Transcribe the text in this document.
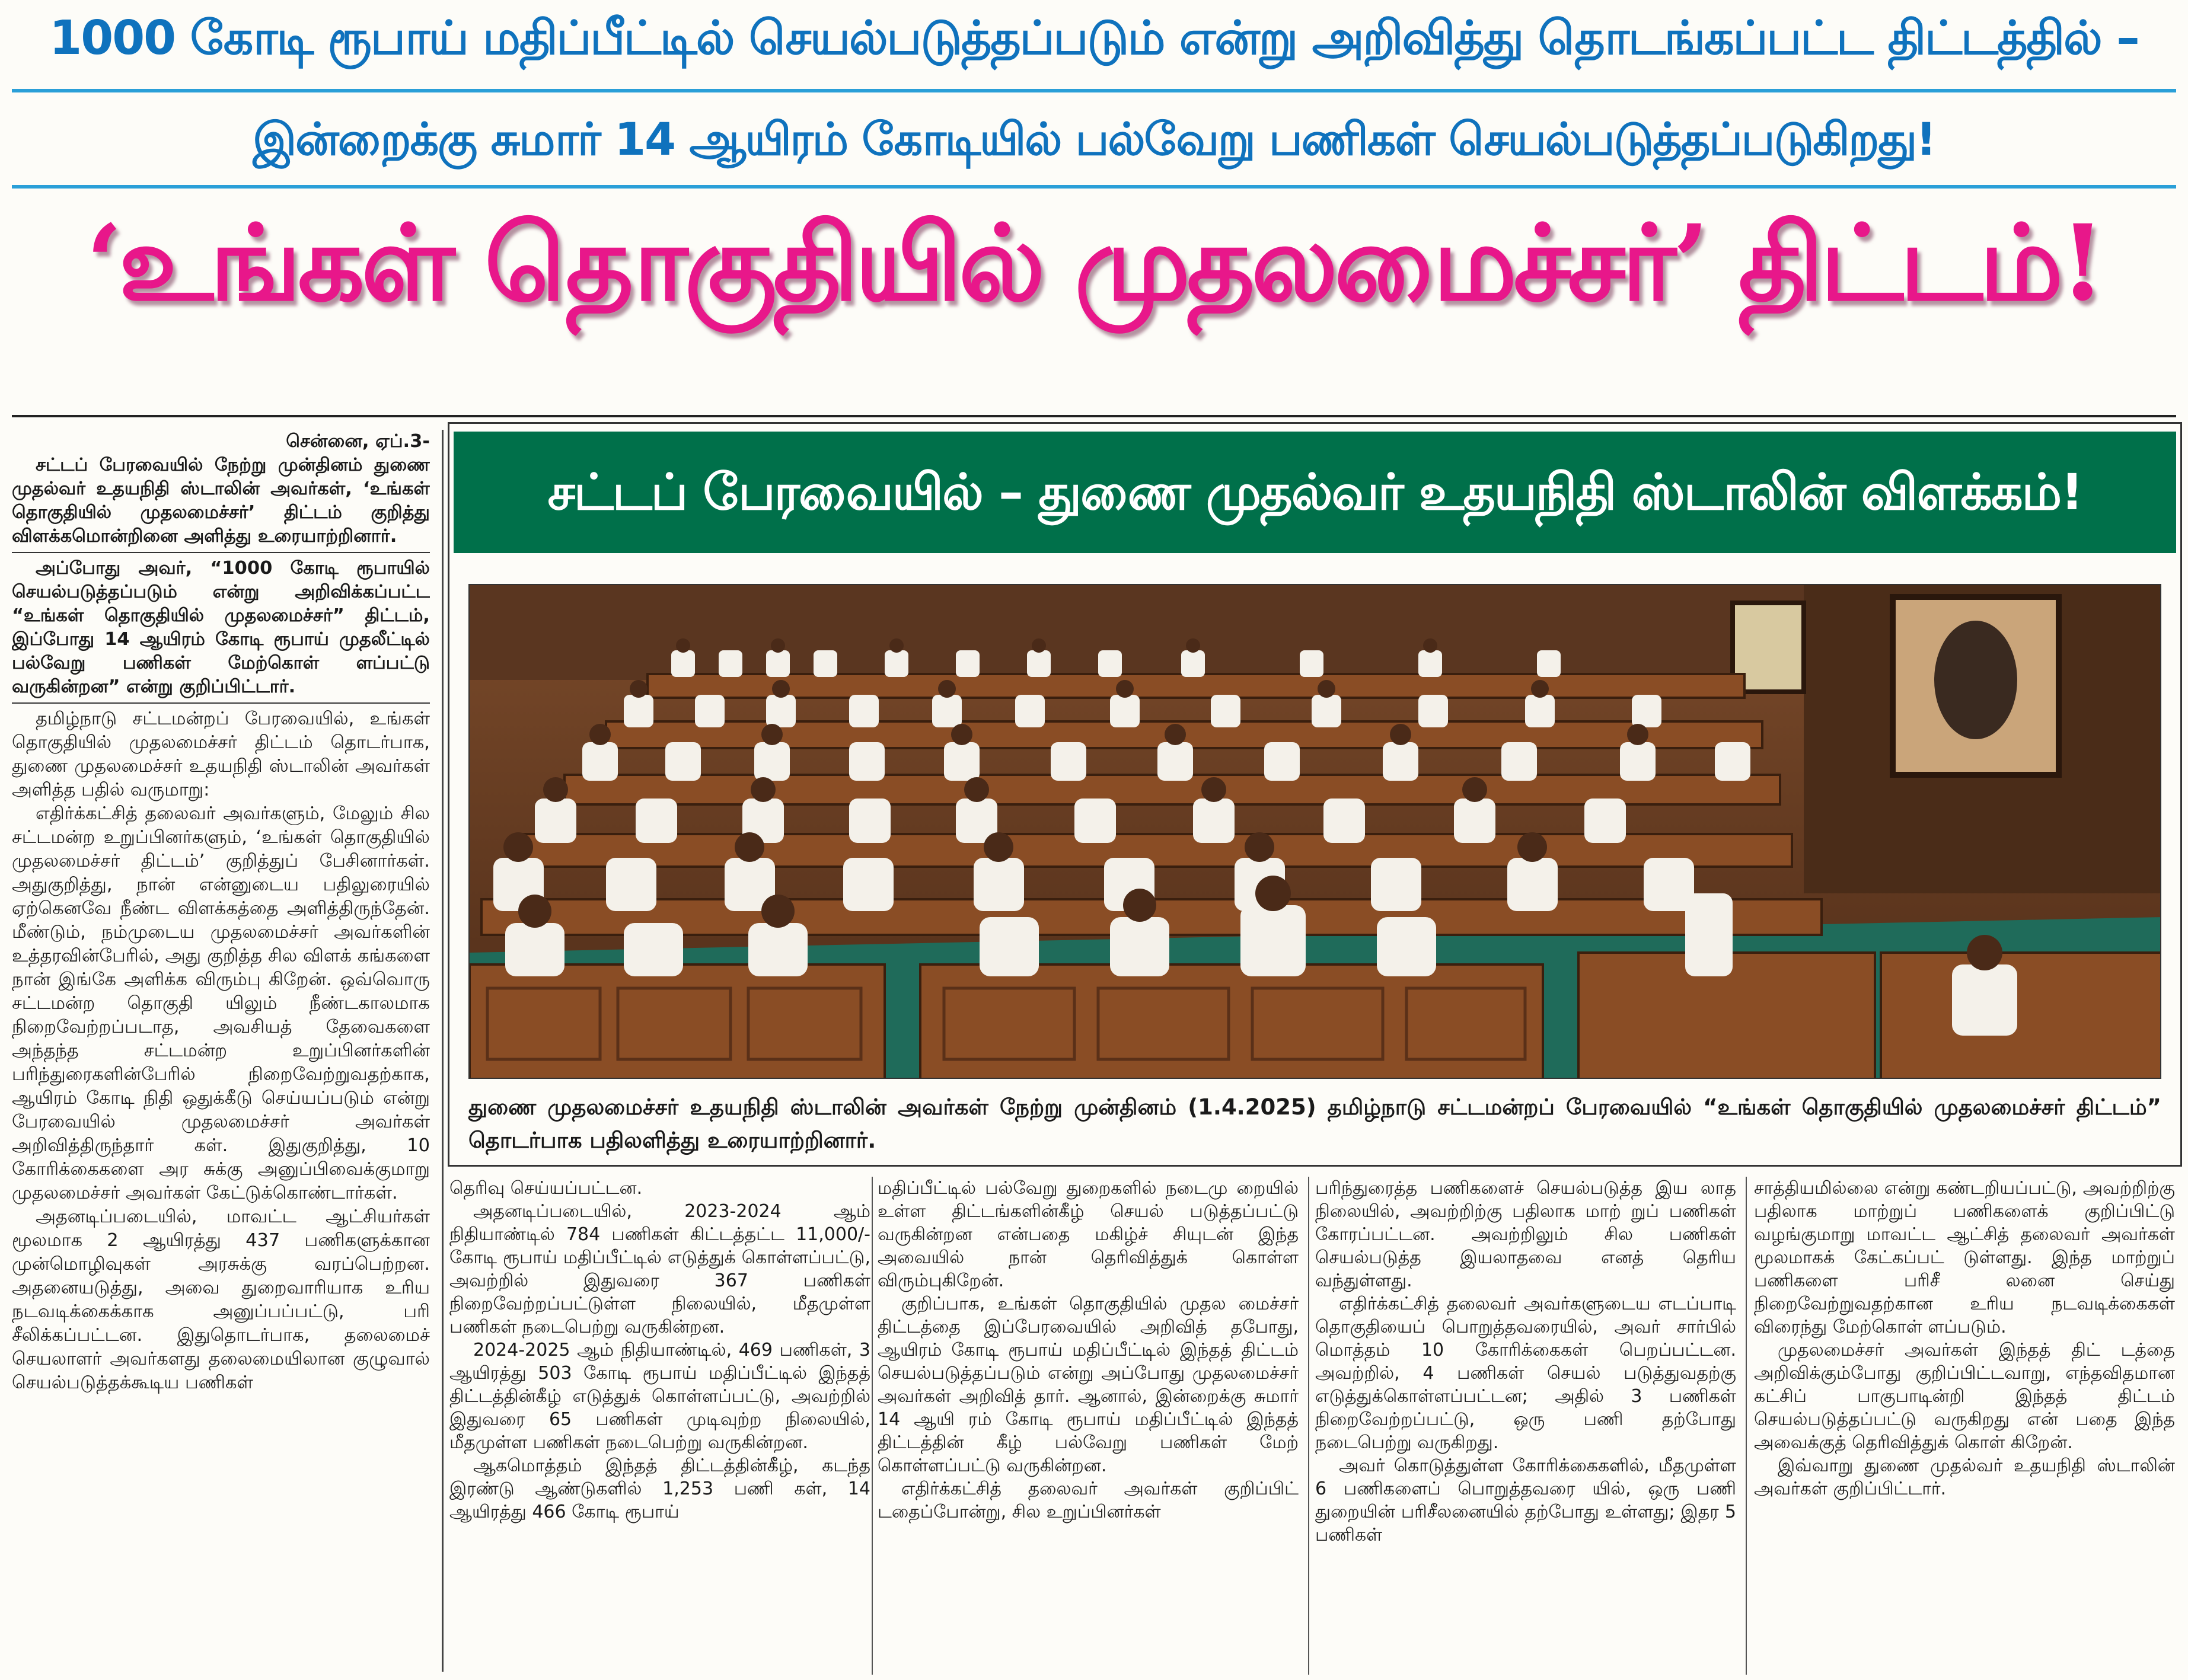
1000 கோடி ரூபாய் மதிப்பீட்டில் செயல்படுத்தப்படும் என்று அறிவித்து தொடங்கப்பட்ட திட்டத்தில் –
இன்றைக்கு சுமார் 14 ஆயிரம் கோடியில் பல்வேறு பணிகள் செயல்படுத்தப்படுகிறது!
‘உங்கள் தொகுதியில் முதலமைச்சர்’ திட்டம்!

சென்னை, ஏப்.3-

சட்டப் பேரவையில் நேற்று முன்தினம் துணை முதல்வர் உதயநிதி ஸ்டாலின் அவர்கள், ‘உங்கள் தொகுதியில் முதலமைச்சர்’ திட்டம் குறித்து விளக்கமொன்றினை அளித்து உரையாற்றினார்.

அப்போது அவர், “1000 கோடி ரூபாயில் செயல்படுத்தப்படும் என்று அறிவிக்கப்பட்ட “உங்கள் தொகுதியில் முதலமைச்சர்” திட்டம், இப்போது 14 ஆயிரம் கோடி ரூபாய் முதலீட்டில் பல்வேறு பணிகள் மேற்கொள் ளப்பட்டு வருகின்றன” என்று குறிப்பிட்டார்.

தமிழ்நாடு சட்டமன்றப் பேரவையில், உங்கள் தொகுதியில் முதலமைச்சர் திட்டம் தொடர்பாக, துணை முதலமைச்சர் உதயநிதி ஸ்டாலின் அவர்கள் அளித்த பதில் வருமாறு:

எதிர்க்கட்சித் தலைவர் அவர்களும், மேலும் சில சட்டமன்ற உறுப்பினர்களும், ‘உங்கள் தொகுதியில் முதலமைச்சர் திட்டம்’ குறித்துப் பேசினார்கள். அதுகுறித்து, நான் என்னுடைய பதிலுரையில் ஏற்கெனவே நீண்ட விளக்கத்தை அளித்திருந்தேன். மீண்டும், நம்முடைய முதலமைச்சர் அவர்களின் உத்தரவின்பேரில், அது குறித்த சில விளக் கங்களை நான் இங்கே அளிக்க விரும்பு கிறேன். ஒவ்வொரு சட்டமன்ற தொகுதி யிலும் நீண்டகாலமாக நிறைவேற்றப்படாத, அவசியத் தேவைகளை அந்தந்த சட்டமன்ற உறுப்பினர்களின் பரிந்துரைகளின்பேரில் நிறைவேற்றுவதற்காக, ஆயிரம் கோடி நிதி ஒதுக்கீடு செய்யப்படும் என்று பேரவையில் முதலமைச்சர் அவர்கள் அறிவித்திருந்தார் கள். இதுகுறித்து, 10 கோரிக்கைகளை அர சுக்கு அனுப்பிவைக்குமாறு முதலமைச்சர் அவர்கள் கேட்டுக்கொண்டார்கள்.

அதனடிப்படையில், மாவட்ட ஆட்சியர்கள் மூலமாக 2 ஆயிரத்து 437 பணிகளுக்கான முன்மொழிவுகள் அரசுக்கு வரப்பெற்றன. அதனையடுத்து, அவை துறைவாரியாக உரிய நடவடிக்கைக்காக அனுப்பப்பட்டு, பரி சீலிக்கப்பட்டன. இதுதொடர்பாக, தலைமைச் செயலாளர் அவர்களது தலைமையிலான குழுவால் செயல்படுத்தக்கூடிய பணிகள்

சட்டப் பேரவையில் – துணை முதல்வர் உதயநிதி ஸ்டாலின் விளக்கம்!
துணை முதலமைச்சர் உதயநிதி ஸ்டாலின் அவர்கள் நேற்று முன்தினம் (1.4.2025) தமிழ்நாடு சட்டமன்றப் பேரவையில் “உங்கள் தொகுதியில் முதலமைச்சர் திட்டம்” தொடர்பாக பதிலளித்து உரையாற்றினார்.

தெரிவு செய்யப்பட்டன.

அதனடிப்படையில், 2023-2024 ஆம் நிதியாண்டில் 784 பணிகள் கிட்டத்தட்ட 11,000/- கோடி ரூபாய் மதிப்பீட்டில் எடுத்துக் கொள்ளப்பட்டு, அவற்றில் இதுவரை 367 பணிகள் நிறைவேற்றப்பட்டுள்ள நிலையில், மீதமுள்ள பணிகள் நடைபெற்று வருகின்றன.

2024-2025 ஆம் நிதியாண்டில், 469 பணிகள், 3 ஆயிரத்து 503 கோடி ரூபாய் மதிப்பீட்டில் இந்தத் திட்டத்தின்கீழ் எடுத்துக் கொள்ளப்பட்டு, அவற்றில் இதுவரை 65 பணிகள் முடிவுற்ற நிலையில், மீதமுள்ள பணிகள் நடைபெற்று வருகின்றன.

ஆகமொத்தம் இந்தத் திட்டத்தின்கீழ், கடந்த இரண்டு ஆண்டுகளில் 1,253 பணி கள், 14 ஆயிரத்து 466 கோடி ரூபாய்

மதிப்பீட்டில் பல்வேறு துறைகளில் நடைமு றையில் உள்ள திட்டங்களின்கீழ் செயல் படுத்தப்பட்டு வருகின்றன என்பதை மகிழ்ச் சியுடன் இந்த அவையில் நான் தெரிவித்துக் கொள்ள விரும்புகிறேன்.

குறிப்பாக, உங்கள் தொகுதியில் முதல மைச்சர் திட்டத்தை இப்பேரவையில் அறிவித் தபோது, ஆயிரம் கோடி ரூபாய் மதிப்பீட்டில் இந்தத் திட்டம் செயல்படுத்தப்படும் என்று அப்போது முதலமைச்சர் அவர்கள் அறிவித் தார். ஆனால், இன்றைக்கு சுமார் 14 ஆயி ரம் கோடி ரூபாய் மதிப்பீட்டில் இந்தத் திட்டத்தின் கீழ் பல்வேறு பணிகள் மேற் கொள்ளப்பட்டு வருகின்றன.

எதிர்க்கட்சித் தலைவர் அவர்கள் குறிப்பிட் டதைப்போன்று, சில உறுப்பினர்கள்

பரிந்துரைத்த பணிகளைச் செயல்படுத்த இய லாத நிலையில், அவற்றிற்கு பதிலாக மாற் றுப் பணிகள் கோரப்பட்டன. அவற்றிலும் சில பணிகள் செயல்படுத்த இயலாதவை எனத் தெரிய வந்துள்ளது.

எதிர்க்கட்சித் தலைவர் அவர்களுடைய எடப்பாடி தொகுதியைப் பொறுத்தவரையில், அவர் சார்பில் மொத்தம் 10 கோரிக்கைகள் பெறப்பட்டன. அவற்றில், 4 பணிகள் செயல் படுத்துவதற்கு எடுத்துக்கொள்ளப்பட்டன; அதில் 3 பணிகள் நிறைவேற்றப்பட்டு, ஒரு பணி தற்போது நடைபெற்று வருகிறது.

அவர் கொடுத்துள்ள கோரிக்கைகளில், மீதமுள்ள 6 பணிகளைப் பொறுத்தவரை யில், ஒரு பணி துறையின் பரிசீலனையில் தற்போது உள்ளது; இதர 5 பணிகள்

சாத்தியமில்லை என்று கண்டறியப்பட்டு, அவற்றிற்கு பதிலாக மாற்றுப் பணிகளைக் குறிப்பிட்டு வழங்குமாறு மாவட்ட ஆட்சித் தலைவர் அவர்கள் மூலமாகக் கேட்கப்பட் டுள்ளது. இந்த மாற்றுப் பணிகளை பரிசீ லனை செய்து நிறைவேற்றுவதற்கான உரிய நடவடிக்கைகள் விரைந்து மேற்கொள் ளப்படும்.

முதலமைச்சர் அவர்கள் இந்தத் திட் டத்தை அறிவிக்கும்போது குறிப்பிட்டவாறு, எந்தவிதமான கட்சிப் பாகுபாடின்றி இந்தத் திட்டம் செயல்படுத்தப்பட்டு வருகிறது என் பதை இந்த அவைக்குத் தெரிவித்துக் கொள் கிறேன்.

இவ்வாறு துணை முதல்வர் உதயநிதி ஸ்டாலின் அவர்கள் குறிப்பிட்டார்.
